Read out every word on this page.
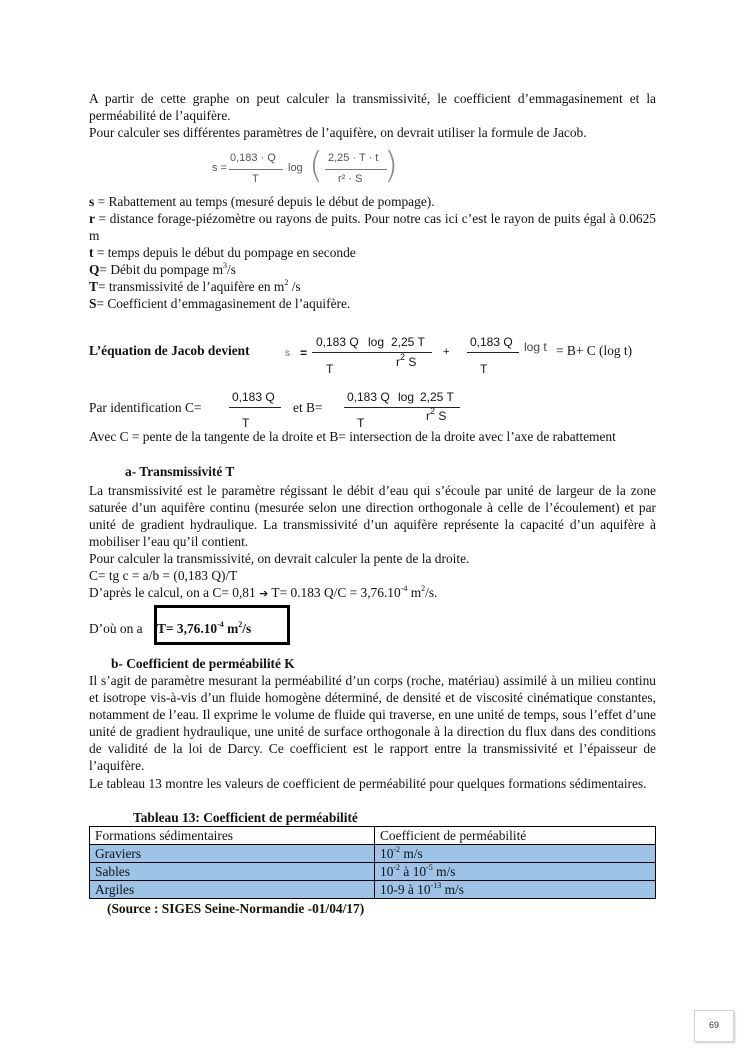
A partir de cette graphe on peut calculer la transmissivité, le coefficient d’emmagasinement et la perméabilité de l’aquifère.

Pour calculer ses différentes paramètres de l’aquifère, on devrait utiliser la formule de Jacob.

s =
0,183 · Q
T
log ( 2,25 · T · t
r² · S )

s = Rabattement au temps (mesuré depuis le début de pompage).

r = distance forage-piézomètre ou rayons de puits. Pour notre cas ici c’est le rayon de puits égal à 0.0625 m

t = temps depuis le début du pompage en seconde

Q= Débit du pompage $m^3/s$

T= transmissivité de l’aquifère en $m^2$ /s

S= Coefficient d’emmagasinement de l’aquifère.

L’équation de Jacob devient	s =
0,183 Q log 2,25 T
T	$r^2$ S
+
0,183 Q
T
log t = B+ C (log t)

Par identification C=

0,183 Q
T
0,183 Q log 2,25 T
T	$r^2$ S

et B=

Avec C = pente de la tangente de la droite et B= intersection de la droite avec l’axe de rabattement

a- Transmissivité T

La transmissivité est le paramètre régissant le débit d’eau qui s’écoule par unité de largeur de la zone saturée d’un aquifère continu (mesurée selon une direction orthogonale à celle de l’écoulement) et par unité de gradient hydraulique. La transmissivité d’un aquifère représente la capacité d’un aquifère à mobiliser l’eau qu’il contient.

Pour calculer la transmissivité, on devrait calculer la pente de la droite.

C= tg c = a/b = (0,183 Q)/T

D’après le calcul, on a C= 0,81 ➔ T= 0.183 $Q/C = 3,76.10^{-4}$ $m^2/s$.

D’où on a	$T= 3,76.10^{-4}$ $m^2/s$

b- Coefficient de perméabilité K

Il s’agit de paramètre mesurant la perméabilité d’un corps (roche, matériau) assimilé à un milieu continu et isotrope vis-à-vis d’un fluide homogène déterminé, de densité et de viscosité cinématique constantes, notamment de l’eau. Il exprime le volume de fluide qui traverse, en une unité de temps, sous l’effet d’une unité de gradient hydraulique, une unité de surface orthogonale à la direction du flux dans des conditions de validité de la loi de Darcy. Ce coefficient est le rapport entre la transmissivité et l’épaisseur de l’aquifère.

Le tableau 13 montre les valeurs de coefficient de perméabilité pour quelques formations sédimentaires.

Tableau 13: Coefficient de perméabilité

Formations sédimentaires	Coefficient de perméabilité
Graviers	$10^{-2}$ m/s
Sables	$10^{-2}$ à $10^{-5}$ m/s
Argiles	10-9 à $10^{-13}$ m/s

(Source : SIGES Seine-Normandie -01/04/17)

69
